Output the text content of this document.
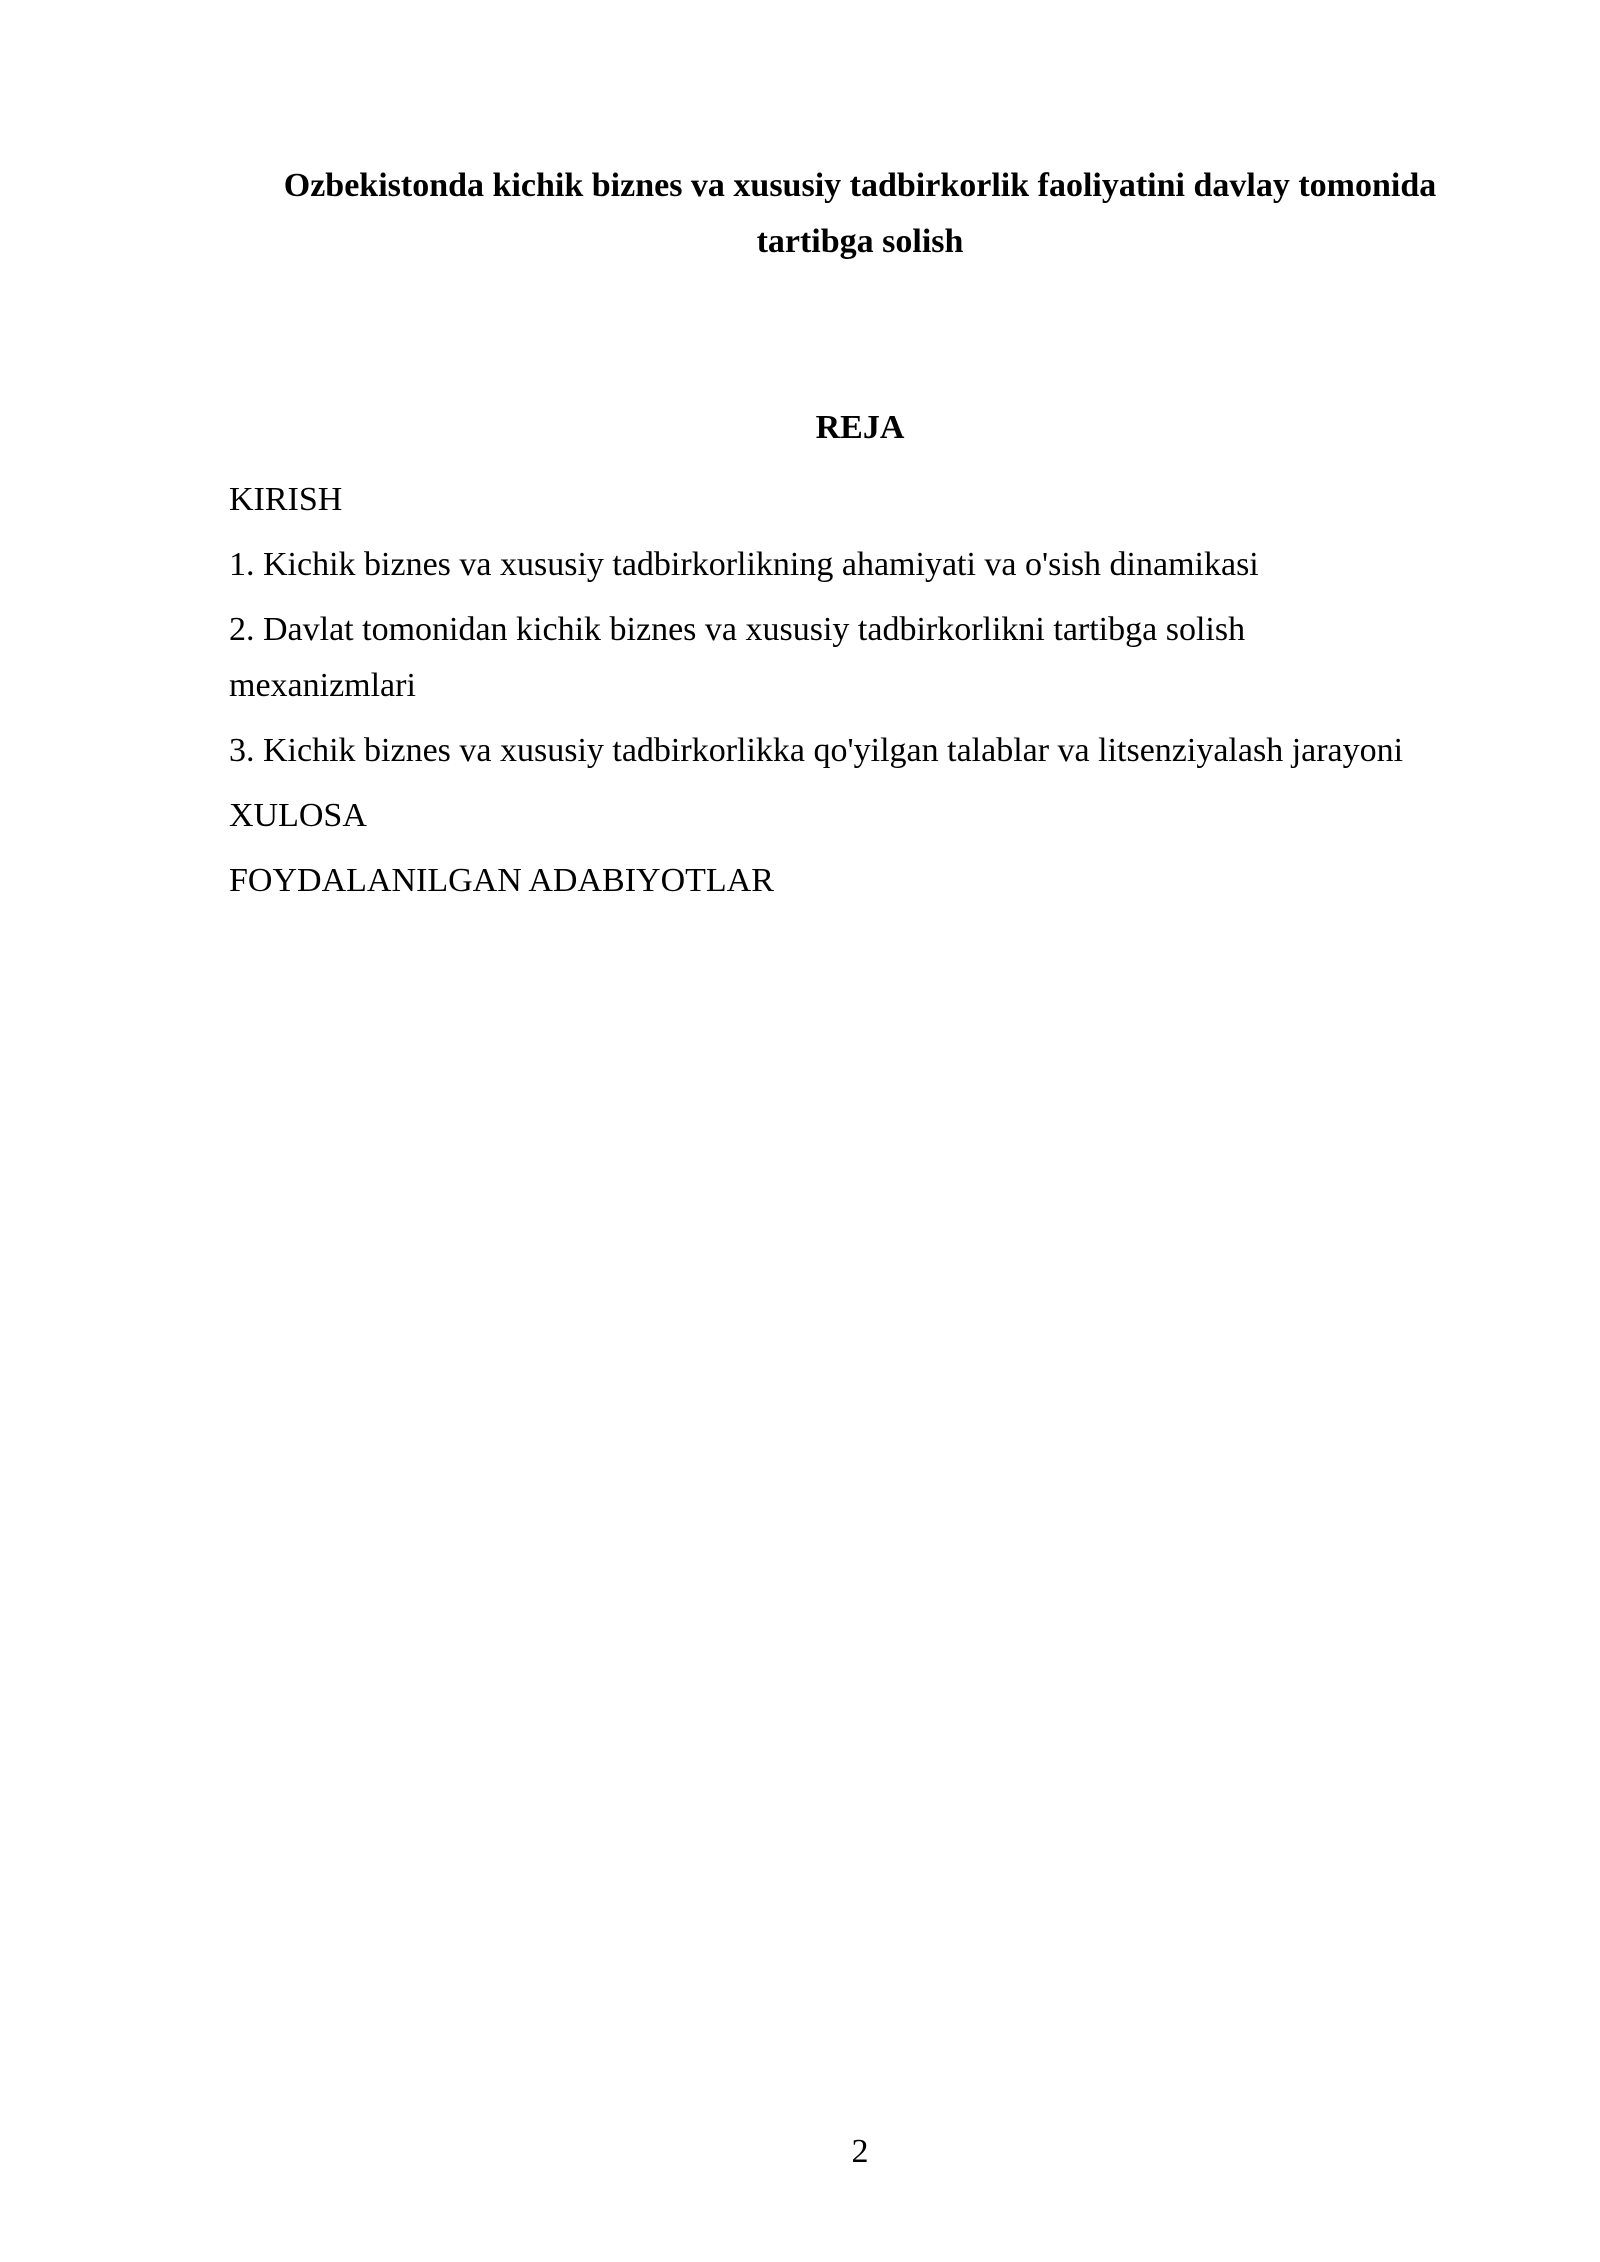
Ozbekistonda kichik biznes va xususiy tadbirkorlik faoliyatini davlay tomonida tartibga solish
REJA
KIRISH
1. Kichik biznes va xususiy tadbirkorlikning ahamiyati va o'sish dinamikasi
2. Davlat tomonidan kichik biznes va xususiy tadbirkorlikni tartibga solish mexanizmlari
3. Kichik biznes va xususiy tadbirkorlikka qo'yilgan talablar va litsenziyalash jarayoni
XULOSA
FOYDALANILGAN ADABIYOTLAR

2
